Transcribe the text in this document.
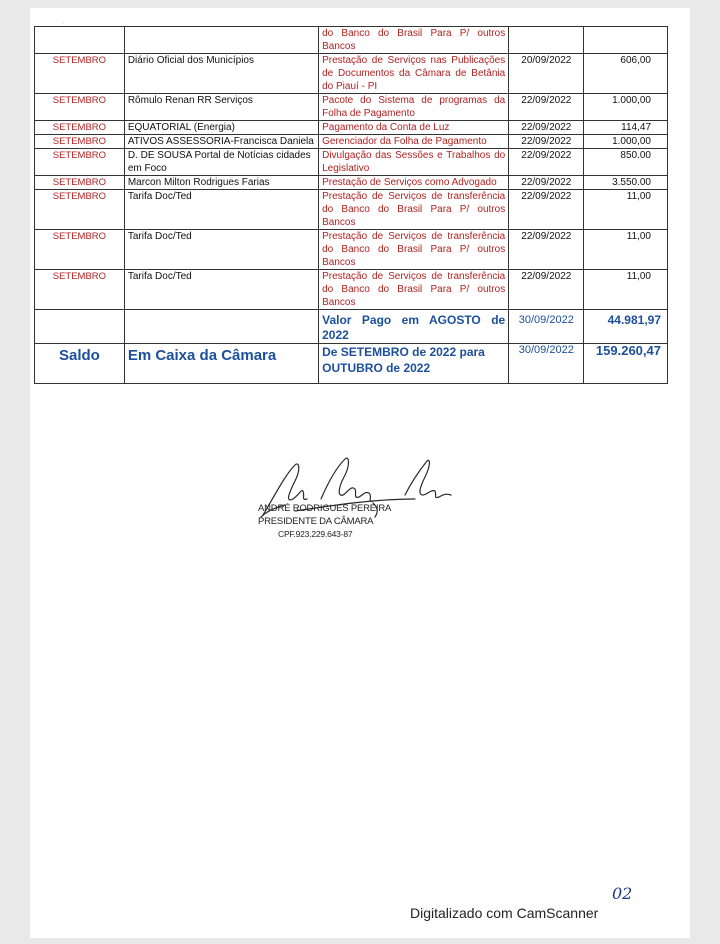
·
		do Banco do Brasil Para P/ outros Bancos		
SETEMBRO	Diário Oficial dos Municípios	Prestação de Serviços nas Publicações de Documentos da Câmara de Betânia do Piauí - PI	20/09/2022	606,00
SETEMBRO	Rômulo Renan RR Serviços	Pacote do Sistema de programas da Folha de Pagamento	22/09/2022	1.000,00
SETEMBRO	EQUATORIAL (Energia)	Pagamento da Conta de Luz	22/09/2022	114,47
SETEMBRO	ATIVOS ASSESSORIA-Francisca Daniela	Gerenciador da Folha de Pagamento	22/09/2022	1.000,00
SETEMBRO	D. DE SOUSA Portal de Notícias cidades em Foco	Divulgação das Sessões e Trabalhos do Legislativo	22/09/2022	850.00
SETEMBRO	Marcon Milton Rodrigues Farias	Prestação de Serviços como Advogado	22/09/2022	3.550.00
SETEMBRO	Tarifa Doc/Ted	Prestação de Serviços de transferência do Banco do Brasil Para P/ outros Bancos	22/09/2022	11,00
SETEMBRO	Tarifa Doc/Ted	Prestação de Serviços de transferência do Banco do Brasil Para P/ outros Bancos	22/09/2022	11,00
SETEMBRO	Tarifa Doc/Ted	Prestação de Serviços de transferência do Banco do Brasil Para P/ outros Bancos	22/09/2022	11,00
		Valor Pago em AGOSTO de 2022	30/09/2022	44.981,97
Saldo	Em Caixa da Câmara	De SETEMBRO de 2022 para OUTUBRO de 2022	30/09/2022	159.260,47
ANDRÉ RODRIGUES PEREIRA
PRESIDENTE DA CÂMARA
CPF.923.229.643-87
02
Digitalizado com CamScanner
